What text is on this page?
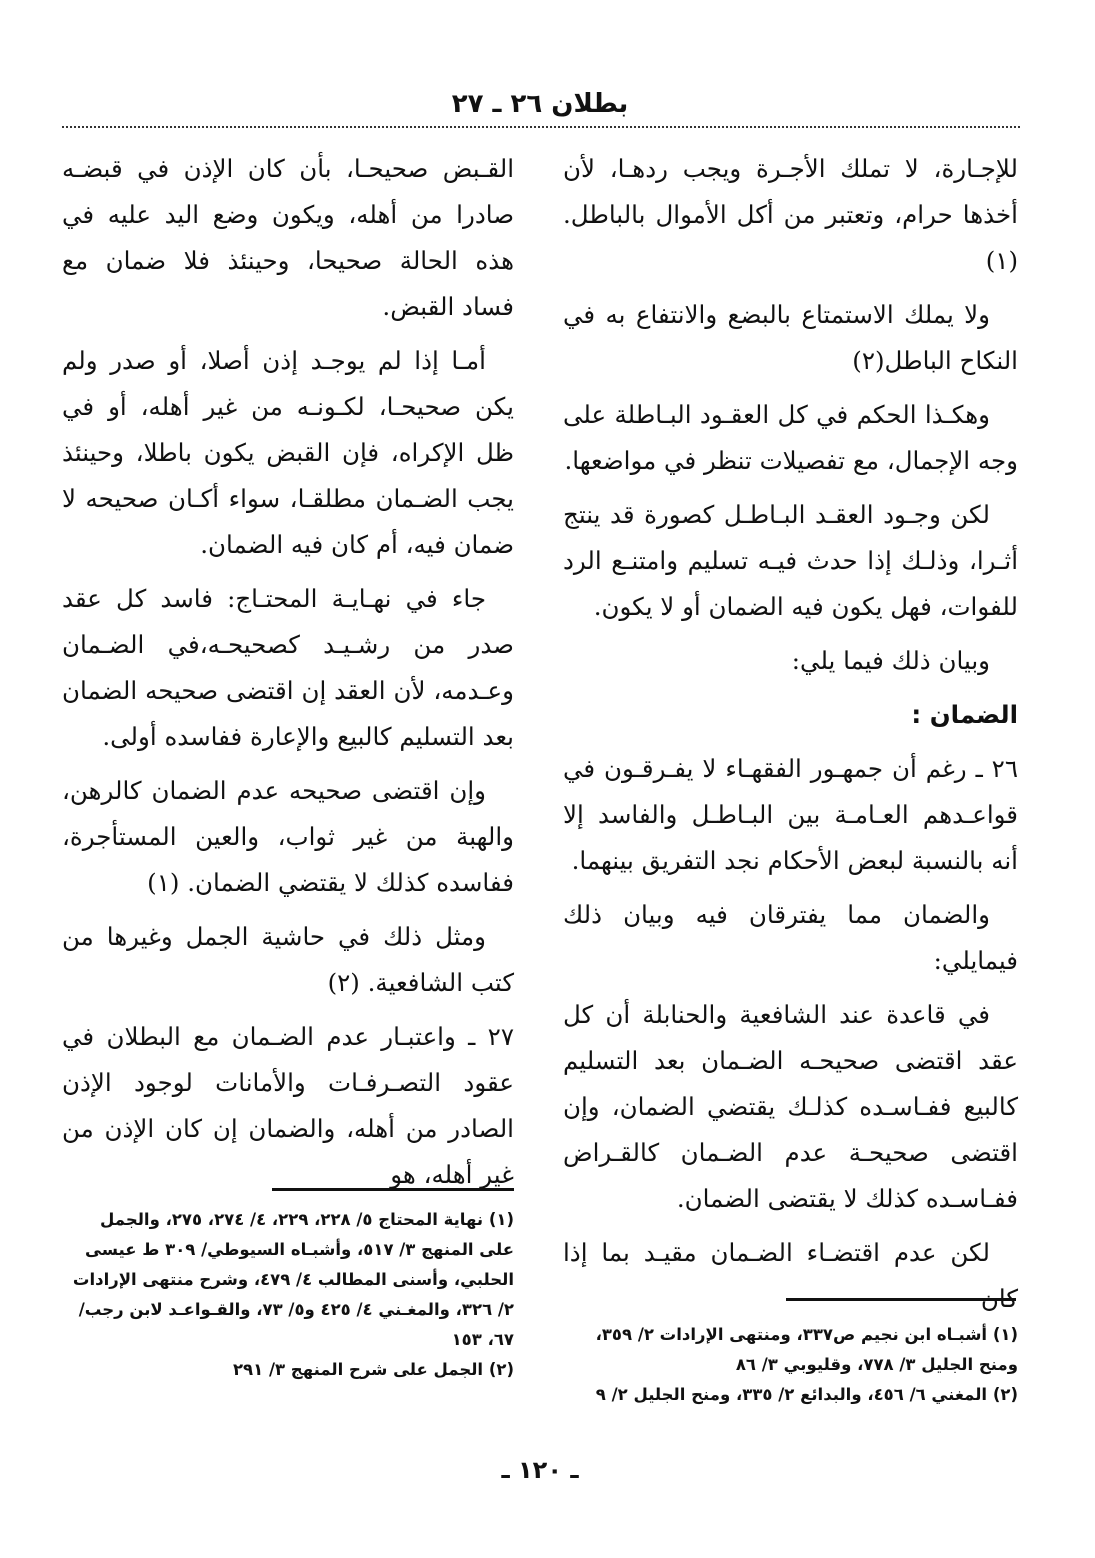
بطلان ٢٦ ـ ٢٧

للإجـارة، لا تملك الأجـرة ويجب ردهـا، لأن أخذها حرام، وتعتبر من أكل الأموال بالباطل. (١)

ولا يملك الاستمتاع بالبضع والانتفاع به في النكاح الباطل(٢)

وهكـذا الحكم في كل العقـود البـاطلة على وجه الإجمال، مع تفصيلات تنظر في مواضعها.

لكن وجـود العقـد البـاطـل كصورة قد ينتج أثـرا، وذلـك إذا حدث فيـه تسليم وامتنـع الرد للفوات، فهل يكون فيه الضمان أو لا يكون.

وبيان ذلك فيما يلي:

الضمان :

٢٦ ـ رغم أن جمهـور الفقهـاء لا يفـرقـون في قواعـدهم العـامـة بين البـاطـل والفاسد إلا أنه بالنسبة لبعض الأحكام نجد التفريق بينهما.

والضمان مما يفترقان فيه وبيان ذلك فيمايلي:

في قاعدة عند الشافعية والحنابلة أن كل عقد اقتضى صحيحـه الضـمان بعد التسليم كالبيع ففـاسـده كذلـك يقتضي الضمان، وإن اقتضى صحيحـة عدم الضـمان كالقـراض ففـاسـده كذلك لا يقتضى الضمان.

لكن عدم اقتضـاء الضـمان مقيـد بما إذا كان

القـبض صحيحـا، بأن كان الإذن في قبضـه صادرا من أهله، ويكون وضع اليد عليه في هذه الحالة صحيحا، وحينئذ فلا ضمان مع فساد القبض.

أمـا إذا لم يوجـد إذن أصلا، أو صدر ولم يكن صحيحـا، لكـونـه من غير أهله، أو في ظل الإكراه، فإن القبض يكون باطلا، وحينئذ يجب الضـمان مطلقـا، سواء أكـان صحيحه لا ضمان فيه، أم كان فيه الضمان.

جاء في نهـايـة المحتـاج: فاسد كل عقد صدر من رشـيـد كصحيحـه،في الضـمان وعـدمه، لأن العقد إن اقتضى صحيحه الضمان بعد التسليم كالبيع والإعارة ففاسده أولى.

وإن اقتضى صحيحه عدم الضمان كالرهن، والهبة من غير ثواب، والعين المستأجرة، ففاسده كذلك لا يقتضي الضمان. (١)

ومثل ذلك في حاشية الجمل وغيرها من كتب الشافعية. (٢)

٢٧ ـ واعتبـار عدم الضـمان مع البطلان في عقود التصـرفـات والأمانات لوجود الإذن الصادر من أهله، والضمان إن كان الإذن من غير أهله، هو

(١) نهاية المحتاج ٥/ ٢٢٨، ٢٢٩، ٤/ ٢٧٤، ٢٧٥، والجمل على المنهج ٣/ ٥١٧، وأشبـاه السيوطي/ ٣٠٩ ط عيسى الحلبي، وأسنى المطالب ٤/ ٤٧٩، وشرح منتهى الإرادات ٢/ ٣٢٦، والمغـني ٤/ ٤٢٥ و٥/ ٧٣، والقـواعـد لابن رجب/ ٦٧، ١٥٣

(٢) الجمل على شرح المنهج ٣/ ٢٩١

(١) أشبـاه ابن نجيم ص٣٣٧، ومنتهى الإرادات ٢/ ٣٥٩، ومنح الجليل ٣/ ٧٧٨، وقليوبي ٣/ ٨٦

(٢) المغني ٦/ ٤٥٦، والبدائع ٢/ ٣٣٥، ومنح الجليل ٢/ ٩

ـ ١٢٠ ـ
